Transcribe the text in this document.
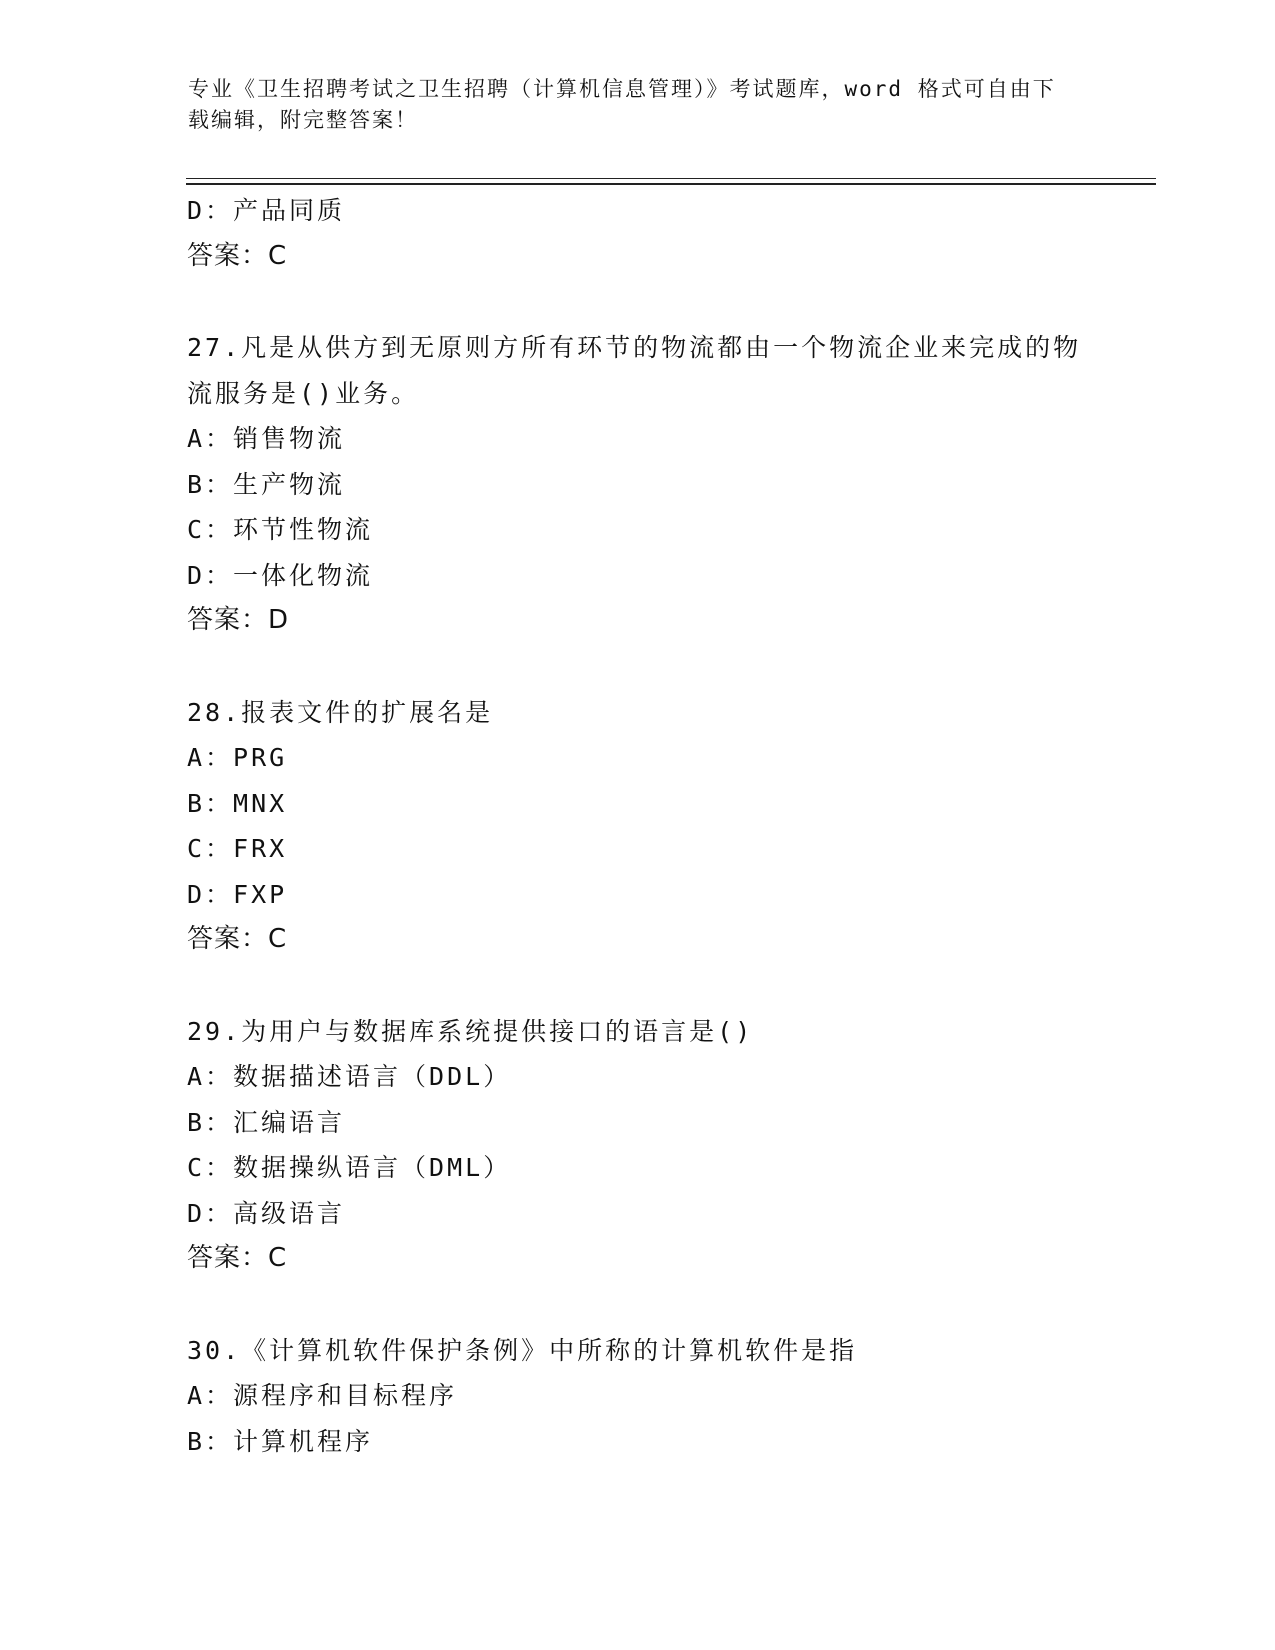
专业《卫生招聘考试之卫生招聘（计算机信息管理）》考试题库，word 格式可自由下载编辑，附完整答案！
D：产品同质
答案：C
27.凡是从供方到无原则方所有环节的物流都由一个物流企业来完成的物流服务是()业务。
A：销售物流
B：生产物流
C：环节性物流
D：一体化物流
答案：D
28.报表文件的扩展名是
A：PRG
B：MNX
C：FRX
D：FXP
答案：C
29.为用户与数据库系统提供接口的语言是()
A：数据描述语言（DDL）
B：汇编语言
C：数据操纵语言（DML）
D：高级语言
答案：C
30.《计算机软件保护条例》中所称的计算机软件是指
A：源程序和目标程序
B：计算机程序
